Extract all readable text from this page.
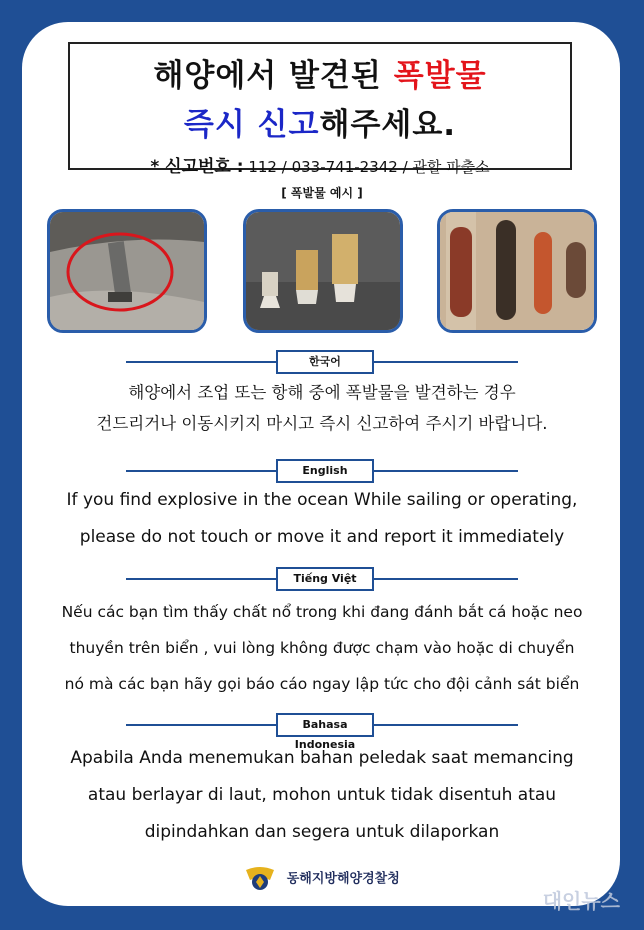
해양에서 발견된 폭발물
즉시 신고해주세요.
* 신고번호 : 112 / 033-741-2342 / 관할 파출소
[ 폭발물 예시 ]
한국어
해양에서 조업 또는 항해 중에 폭발물을 발견하는 경우
건드리거나 이동시키지 마시고 즉시 신고하여 주시기 바랍니다.
English
If you find explosive in the ocean While sailing or operating,
please do not touch or move it and report it immediately
Tiếng Việt
Nếu các bạn tìm thấy chất nổ trong khi đang đánh bắt cá hoặc neo
thuyền trên biển , vui lòng không được chạm vào hoặc di chuyển
nó mà các bạn hãy gọi báo cáo ngay lập tức cho đội cảnh sát biển
Bahasa Indonesia
Apabila Anda menemukan bahan peledak saat memancing
atau berlayar di laut, mohon untuk tidak disentuh atau
dipindahkan dan segera untuk dilaporkan
동해지방해양경찰청
대인뉴스
